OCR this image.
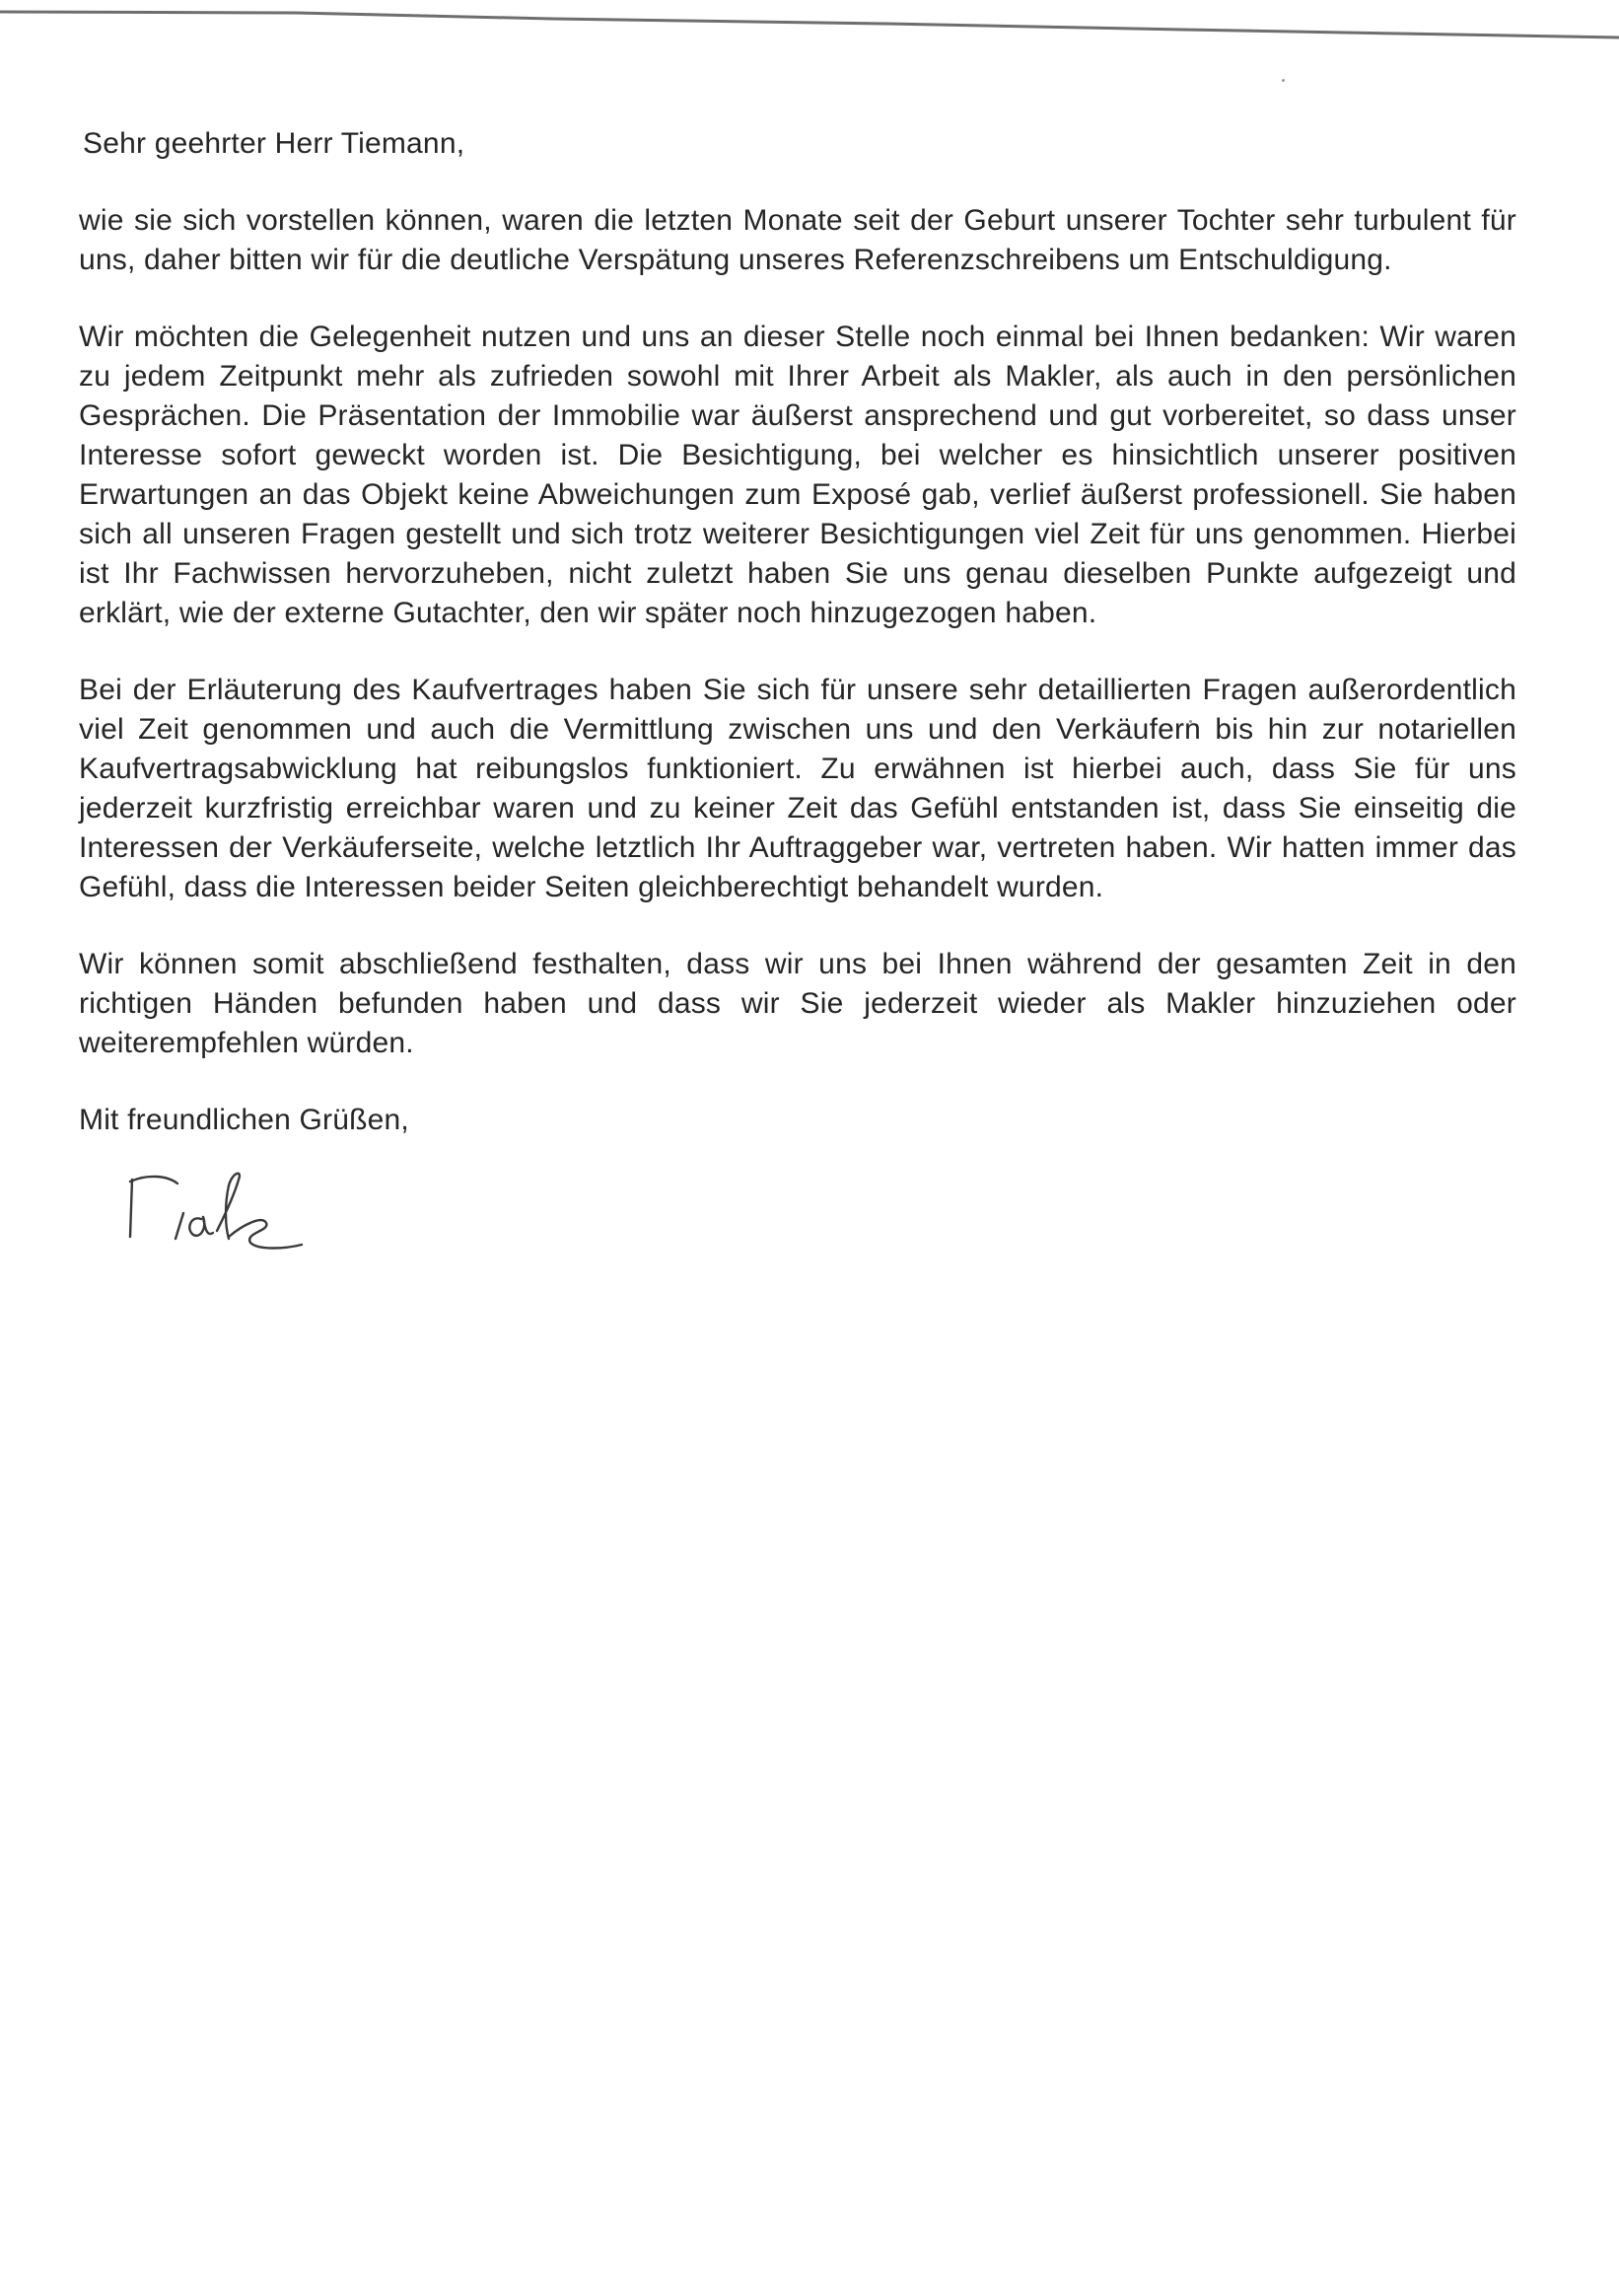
Sehr geehrter Herr Tiemann,

wie sie sich vorstellen können, waren die letzten Monate seit der Geburt unserer Tochter sehr turbulent für uns, daher bitten wir für die deutliche Verspätung unseres Referenzschreibens um Entschuldigung.

Wir möchten die Gelegenheit nutzen und uns an dieser Stelle noch einmal bei Ihnen bedanken: Wir waren zu jedem Zeitpunkt mehr als zufrieden sowohl mit Ihrer Arbeit als Makler, als auch in den persönlichen Gesprächen. Die Präsentation der Immobilie war äußerst ansprechend und gut vorbereitet, so dass unser Interesse sofort geweckt worden ist. Die Besichtigung, bei welcher es hinsichtlich unserer positiven Erwartungen an das Objekt keine Abweichungen zum Exposé gab, verlief äußerst professionell. Sie haben sich all unseren Fragen gestellt und sich trotz weiterer Besichtigungen viel Zeit für uns genommen. Hierbei ist Ihr Fachwissen hervorzuheben, nicht zuletzt haben Sie uns genau dieselben Punkte aufgezeigt und erklärt, wie der externe Gutachter, den wir später noch hinzugezogen haben.

Bei der Erläuterung des Kaufvertrages haben Sie sich für unsere sehr detaillierten Fragen außerordentlich viel Zeit genommen und auch die Vermittlung zwischen uns und den Verkäufern bis hin zur notariellen Kaufvertragsabwicklung hat reibungslos funktioniert. Zu erwähnen ist hierbei auch, dass Sie für uns jederzeit kurzfristig erreichbar waren und zu keiner Zeit das Gefühl entstanden ist, dass Sie einseitig die Interessen der Verkäuferseite, welche letztlich Ihr Auftraggeber war, vertreten haben. Wir hatten immer das Gefühl, dass die Interessen beider Seiten gleichberechtigt behandelt wurden.

Wir können somit abschließend festhalten, dass wir uns bei Ihnen während der gesamten Zeit in den richtigen Händen befunden haben und dass wir Sie jederzeit wieder als Makler hinzuziehen oder weiterempfehlen würden.

Mit freundlichen Grüßen,
